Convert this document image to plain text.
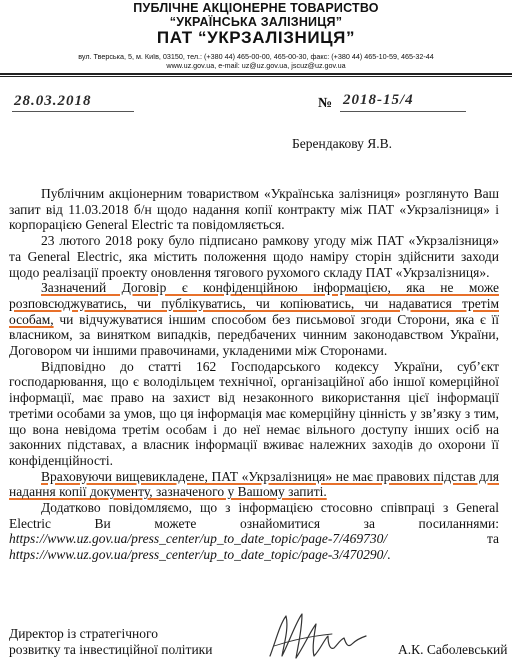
ПУБЛІЧНЕ АКЦІОНЕРНЕ ТОВАРИСТВО
“УКРАЇНСЬКА ЗАЛІЗНИЦЯ”
ПАТ “УКРЗАЛІЗНИЦЯ”
вул. Тверська, 5, м. Київ, 03150, тел.: (+380 44) 465-00-00, 465-00-30, факс: (+380 44) 465-10-59, 465-32-44
www.uz.gov.ua, e-mail: uz@uz.gov.ua, jscuz@uz.gov.ua
28.03.2018	№ 2018-15/4
Берендакову Я.В.

Публічним акціонерним товариством «Українська залізниця» розглянуто Ваш запит від 11.03.2018 б/н щодо надання копії контракту між ПАТ «Укрзалізниця» і корпорацією General Electric та повідомляється.

23 лютого 2018 року було підписано рамкову угоду між ПАТ «Укрзалізниця» та General Electric, яка містить положення щодо наміру сторін здійснити заходи щодо реалізації проекту оновлення тягового рухомого складу ПАТ «Укрзалізниця».

Зазначений Договір є конфіденційною інформацією, яка не може розповсюджуватись, чи публікуватись, чи копіюватись, чи надаватися третім особам, чи відчужуватися іншим способом без письмової згоди Сторони, яка є її власником, за винятком випадків, передбачених чинним законодавством України, Договором чи іншими правочинами, укладеними між Сторонами.

Відповідно до статті 162 Господарського кодексу України, суб’єкт господарювання, що є володільцем технічної, організаційної або іншої комерційної інформації, має право на захист від незаконного використання цієї інформації третіми особами за умов, що ця інформація має комерційну цінність у зв’язку з тим, що вона невідома третім особам і до неї немає вільного доступу інших осіб на законних підставах, а власник інформації вживає належних заходів до охорони її конфіденційності.

Враховуючи вищевикладене, ПАТ «Укрзалізниця» не має правових підстав для надання копії документу, зазначеного у Вашому запиті.

Додатково повідомляємо, що з інформацією стосовно співпраці з General Electric Ви можете ознайомитися за посиланнями: https://www.uz.gov.ua/press_center/up_to_date_topic/page-7/469730/ та https://www.uz.gov.ua/press_center/up_to_date_topic/page-3/470290/.

Директор із стратегічного
розвитку та інвестиційної політики	А.К. Саболевський
